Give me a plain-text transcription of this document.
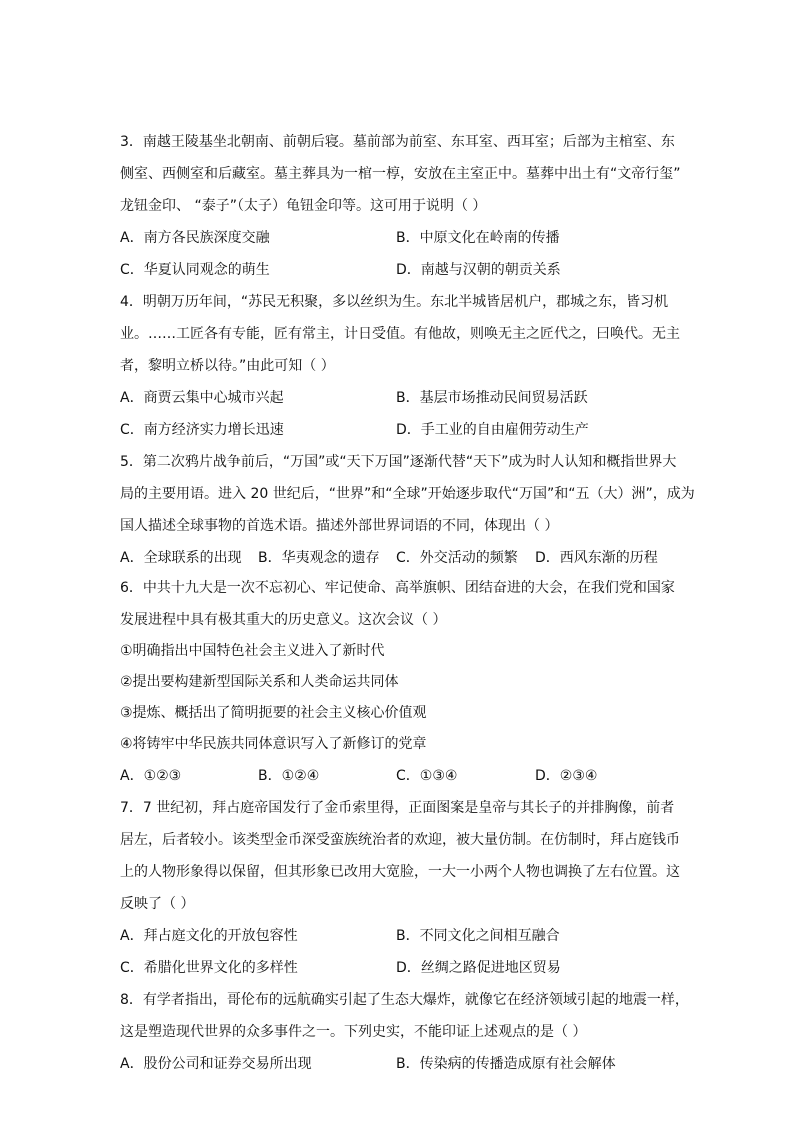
3．南越王陵基坐北朝南、前朝后寝。墓前部为前室、东耳室、西耳室；后部为主棺室、东
侧室、西侧室和后藏室。墓主葬具为一棺一椁，安放在主室正中。墓葬中出土有“文帝行玺”
龙钮金印、 “泰子”（太子）龟钮金印等。这可用于说明（ ）
A．南方各民族深度交融	B．中原文化在岭南的传播
C．华夏认同观念的萌生	D．南越与汉朝的朝贡关系
4．明朝万历年间，“苏民无积聚，多以丝织为生。东北半城皆居机户，郡城之东，皆习机
业。……工匠各有专能，匠有常主，计日受值。有他故，则唤无主之匠代之，曰唤代。无主
者，黎明立桥以待。”由此可知（ ）
A．商贾云集中心城市兴起	B．基层市场推动民间贸易活跃
C．南方经济实力增长迅速	D．手工业的自由雇佣劳动生产
5．第二次鸦片战争前后，“万国”或“天下万国”逐渐代替“天下”成为时人认知和概指世界大
局的主要用语。进入 20 世纪后，“世界”和“全球”开始逐步取代“万国”和“五（大）洲”，成为
国人描述全球事物的首选术语。描述外部世界词语的不同，体现出（ ）
A．全球联系的出现 B．华夷观念的遗存 C．外交活动的频繁 D．西风东渐的历程
6．中共十九大是一次不忘初心、牢记使命、高举旗帜、团结奋进的大会，在我们党和国家
发展进程中具有极其重大的历史意义。这次会议（ ）
①明确指出中国特色社会主义进入了新时代
②提出要构建新型国际关系和人类命运共同体
③提炼、概括出了简明扼要的社会主义核心价值观
④将铸牢中华民族共同体意识写入了新修订的党章
A．①②③	B．①②④	C．①③④	D．②③④
7．7 世纪初，拜占庭帝国发行了金币索里得，正面图案是皇帝与其长子的并排胸像，前者
居左，后者较小。该类型金币深受蛮族统治者的欢迎，被大量仿制。在仿制时，拜占庭钱币
上的人物形象得以保留，但其形象已改用大宽脸，一大一小两个人物也调换了左右位置。这
反映了（ ）
A．拜占庭文化的开放包容性	B．不同文化之间相互融合
C．希腊化世界文化的多样性	D．丝绸之路促进地区贸易
8．有学者指出，哥伦布的远航确实引起了生态大爆炸，就像它在经济领域引起的地震一样，
这是塑造现代世界的众多事件之一。下列史实，不能印证上述观点的是（ ）
A．股份公司和证券交易所出现	B．传染病的传播造成原有社会解体
